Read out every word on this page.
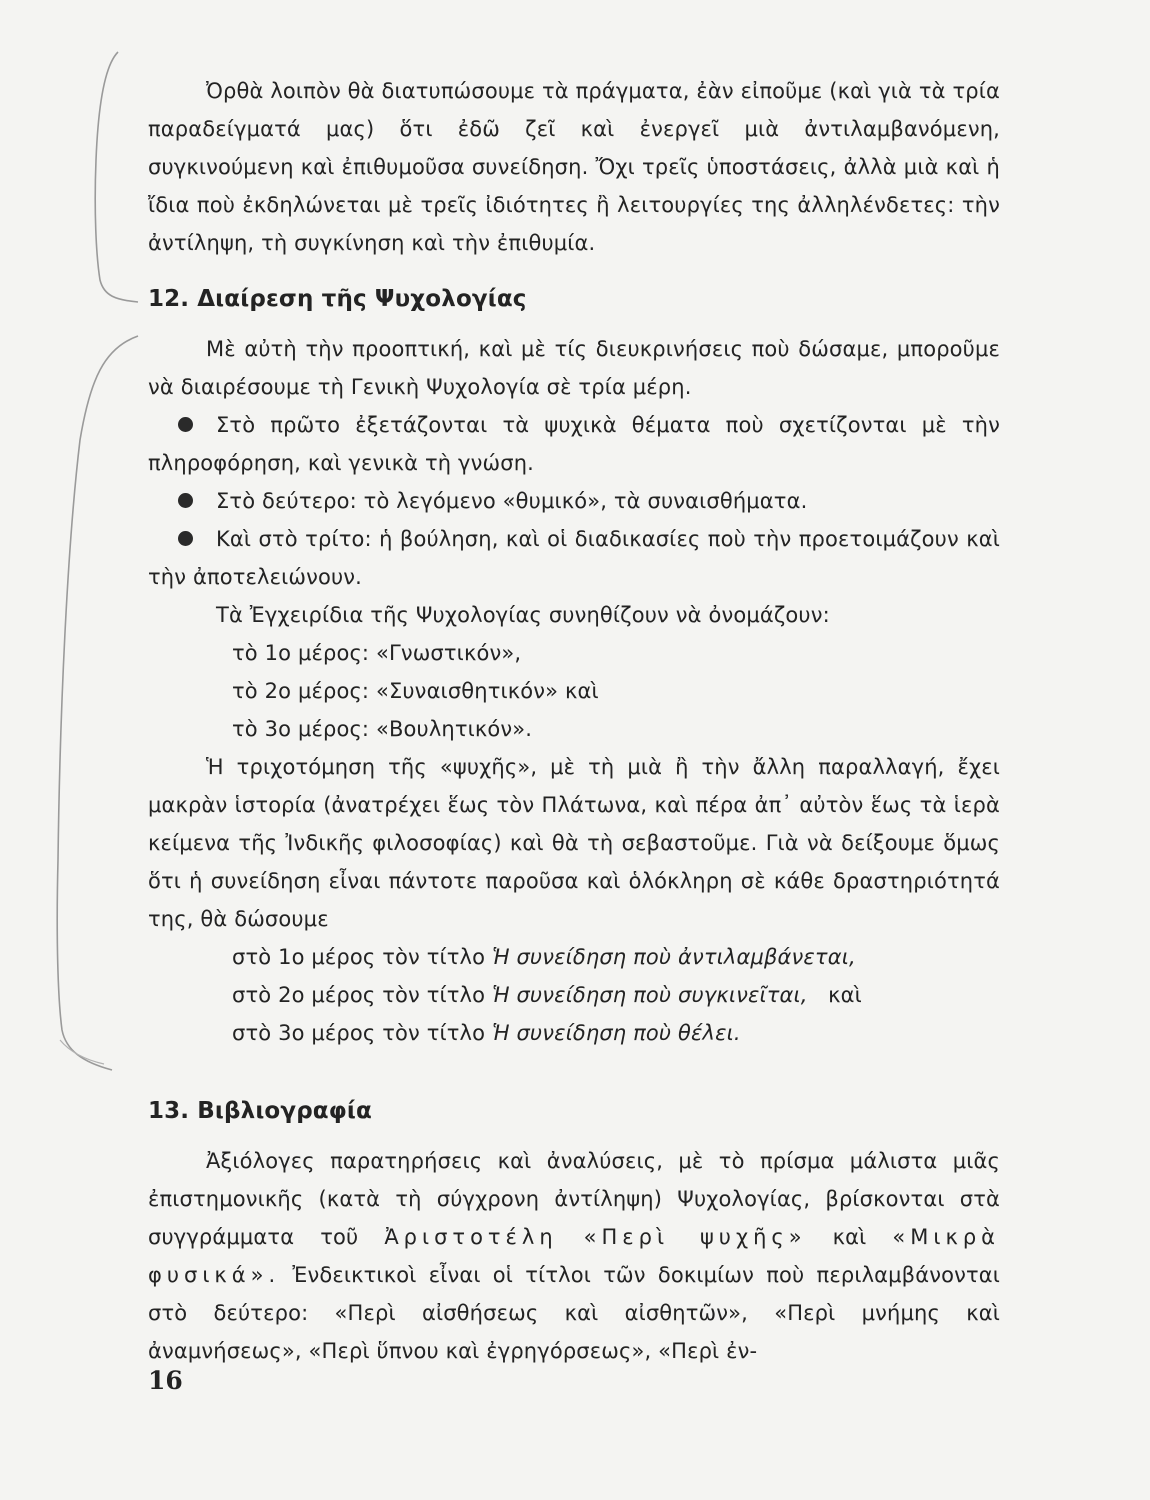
Ὀρθὰ λοιπὸν θὰ διατυπώσουμε τὰ πράγματα, ἐὰν εἰποῦμε (καὶ γιὰ τὰ τρία παραδείγματά μας) ὅτι ἐδῶ ζεῖ καὶ ἐνεργεῖ μιὰ ἀντιλαμβανόμενη, συγκινούμενη καὶ ἐπιθυμοῦσα συνείδηση. Ὄχι τρεῖς ὑποστάσεις, ἀλλὰ μιὰ καὶ ἡ ἴδια ποὺ ἐκδηλώνεται μὲ τρεῖς ἰδιότητες ἢ λειτουργίες της ἀλληλένδετες: τὴν ἀντίληψη, τὴ συγκίνηση καὶ τὴν ἐπιθυμία.

12. Διαίρεση τῆς Ψυχολογίας

Μὲ αὐτὴ τὴν προοπτική, καὶ μὲ τίς διευκρινήσεις ποὺ δώσαμε, μποροῦμε νὰ διαιρέσουμε τὴ Γενικὴ Ψυχολογία σὲ τρία μέρη.

Στὸ πρῶτο ἐξετάζονται τὰ ψυχικὰ θέματα ποὺ σχετίζονται μὲ τὴν πληροφόρηση, καὶ γενικὰ τὴ γνώση.

Στὸ δεύτερο: τὸ λεγόμενο «θυμικό», τὰ συναισθήματα.

Καὶ στὸ τρίτο: ἡ βούληση, καὶ οἱ διαδικασίες ποὺ τὴν προετοιμάζουν καὶ τὴν ἀποτελειώνουν.

Τὰ Ἐγχειρίδια τῆς Ψυχολογίας συνηθίζουν νὰ ὀνομάζουν:

τὸ 1ο μέρος: «Γνωστικόν»,

τὸ 2ο μέρος: «Συναισθητικόν» καὶ

τὸ 3ο μέρος: «Βουλητικόν».

Ἡ τριχοτόμηση τῆς «ψυχῆς», μὲ τὴ μιὰ ἢ τὴν ἄλλη παραλλαγή, ἔχει μακρὰν ἱστορία (ἀνατρέχει ἕως τὸν Πλάτωνα, καὶ πέρα ἀπ᾽ αὐτὸν ἕως τὰ ἱερὰ κείμενα τῆς Ἰνδικῆς φιλοσοφίας) καὶ θὰ τὴ σεβαστοῦμε. Γιὰ νὰ δείξουμε ὅμως ὅτι ἡ συνείδηση εἶναι πάντοτε παροῦσα καὶ ὁλόκληρη σὲ κάθε δραστηριότητά της, θὰ δώσουμε

στὸ 1ο μέρος τὸν τίτλο Ἡ συνείδηση ποὺ ἀντιλαμβάνεται,

στὸ 2ο μέρος τὸν τίτλο Ἡ συνείδηση ποὺ συγκινεῖται,   καὶ

στὸ 3ο μέρος τὸν τίτλο Ἡ συνείδηση ποὺ θέλει.

13. Βιβλιογραφία

Ἀξιόλογες παρατηρήσεις καὶ ἀναλύσεις, μὲ τὸ πρίσμα μάλιστα μιᾶς ἐπιστημονικῆς (κατὰ τὴ σύγχρονη ἀντίληψη) Ψυχολογίας, βρίσκονται στὰ συγγράμματα τοῦ Ἀριστοτέλη «Περὶ ψυχῆς» καὶ «Μικρὰ φυσικά». Ἐνδεικτικοὶ εἶναι οἱ τίτλοι τῶν δοκιμίων ποὺ περιλαμβάνονται στὸ δεύτερο: «Περὶ αἰσθήσεως καὶ αἰσθητῶν», «Περὶ μνήμης καὶ ἀναμνήσεως», «Περὶ ὕπνου καὶ ἐγρηγόρσεως», «Περὶ ἐν-

16
